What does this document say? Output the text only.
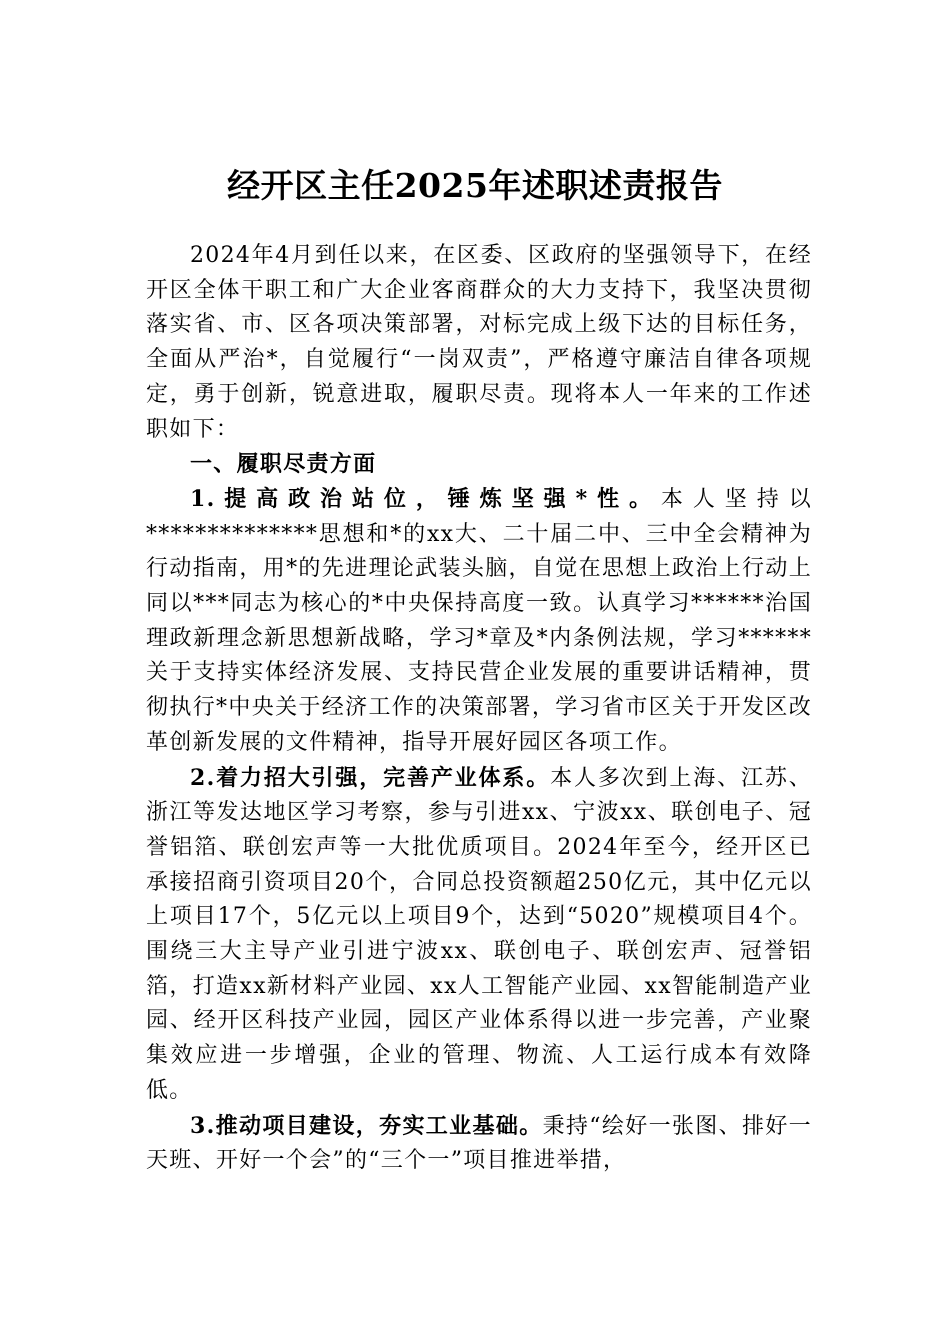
经开区主任2025年述职述责报告

2024年4月到任以来，在区委、区政府的坚强领导下，在经开区全体干职工和广大企业客商群众的大力支持下，我坚决贯彻落实省、市、区各项决策部署，对标完成上级下达的目标任务，全面从严治*，自觉履行“一岗双责”，严格遵守廉洁自律各项规定，勇于创新，锐意进取，履职尽责。现将本人一年来的工作述职如下：

一、履职尽责方面

1.提高政治站位，锤炼坚强*性。本人坚持以**************思想和*的xx大、二十届二中、三中全会精神为行动指南，用*的先进理论武装头脑，自觉在思想上政治上行动上同以***同志为核心的*中央保持高度一致。认真学习******治国理政新理念新思想新战略，学习*章及*内条例法规，学习******关于支持实体经济发展、支持民营企业发展的重要讲话精神，贯彻执行*中央关于经济工作的决策部署，学习省市区关于开发区改革创新发展的文件精神，指导开展好园区各项工作。

2.着力招大引强，完善产业体系。本人多次到上海、江苏、浙江等发达地区学习考察，参与引进xx、宁波xx、联创电子、冠誉铝箔、联创宏声等一大批优质项目。2024年至今，经开区已承接招商引资项目20个，合同总投资额超250亿元，其中亿元以上项目17个，5亿元以上项目9个，达到“5020”规模项目4个。围绕三大主导产业引进宁波xx、联创电子、联创宏声、冠誉铝箔，打造xx新材料产业园、xx人工智能产业园、xx智能制造产业园、经开区科技产业园，园区产业体系得以进一步完善，产业聚集效应进一步增强，企业的管理、物流、人工运行成本有效降低。

3.推动项目建设，夯实工业基础。秉持“绘好一张图、排好一天班、开好一个会”的“三个一”项目推进举措，
